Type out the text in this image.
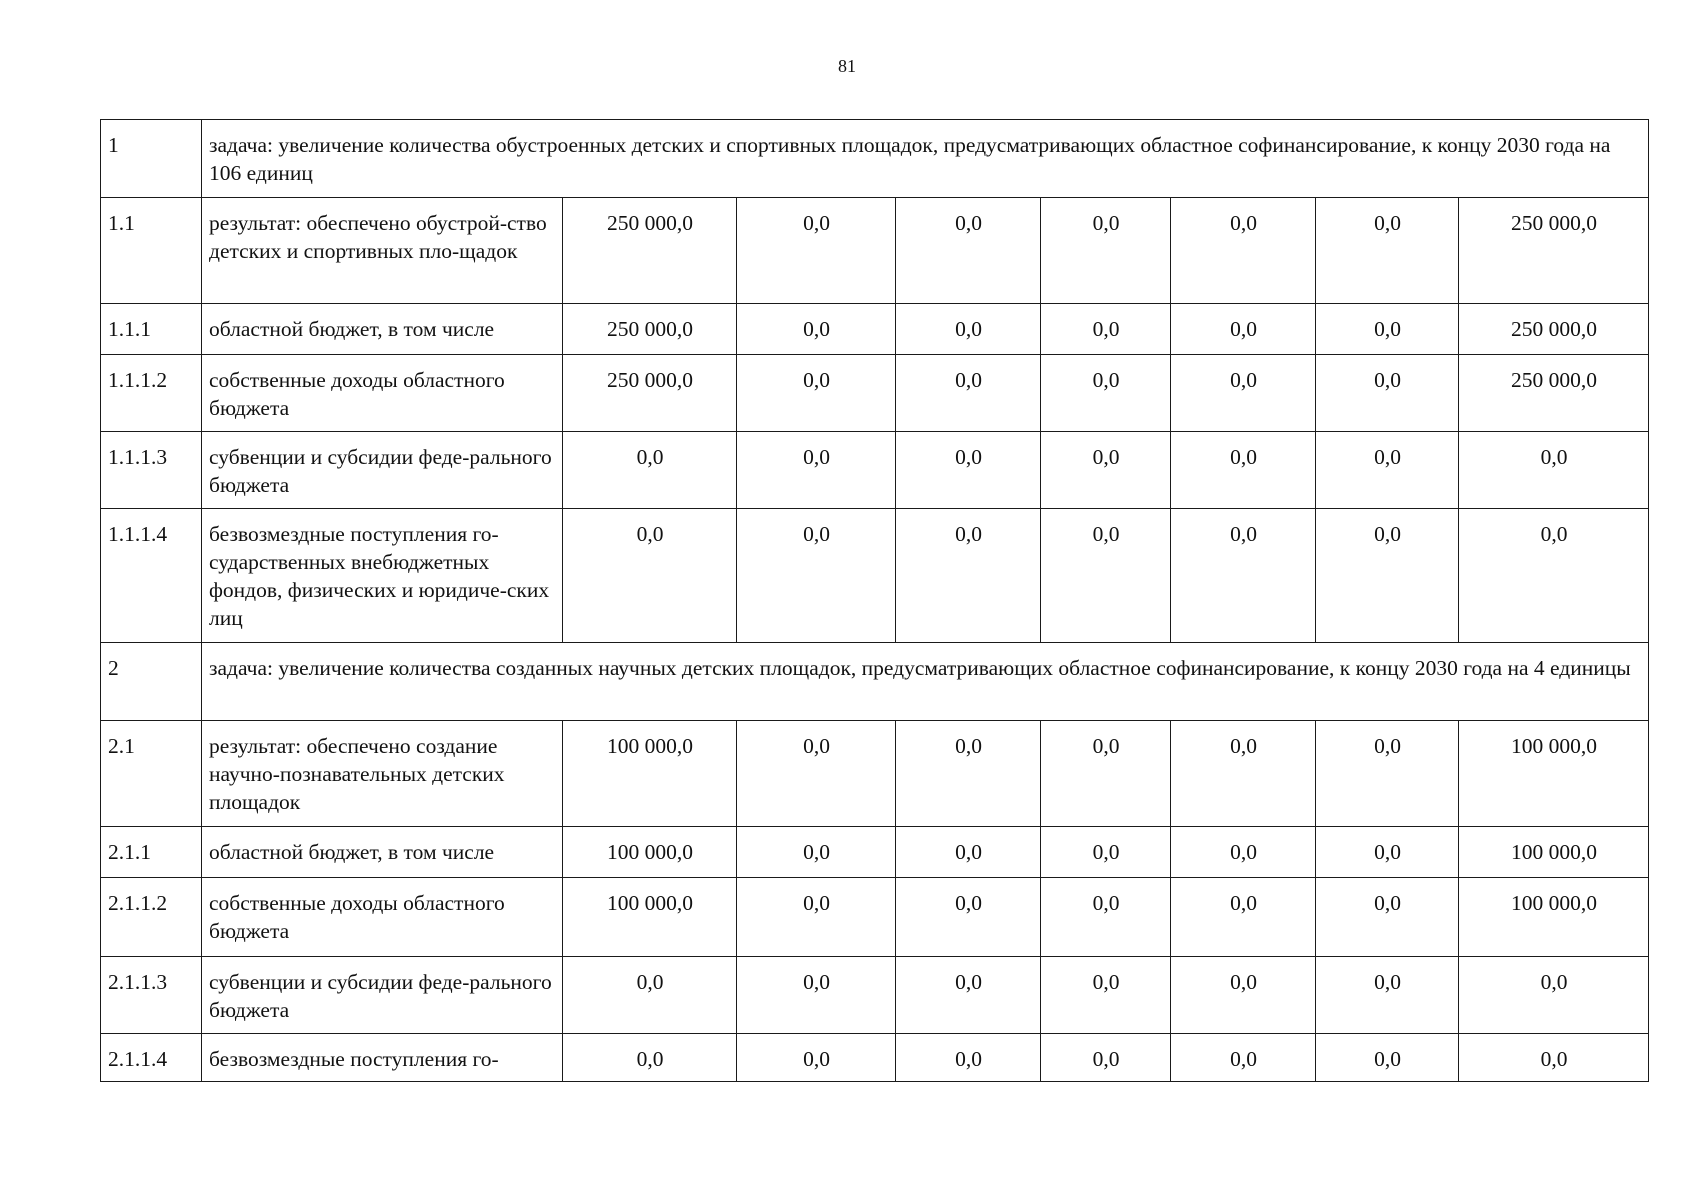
81
1	задача: увеличение количества обустроенных детских и спортивных площадок, предусматривающих областное софинансирование, к концу 2030 года на 106 единиц							
1.1	результат: обеспечено обустрой-ство детских и спортивных пло-щадок	250 000,0	0,0	0,0	0,0	0,0	0,0	250 000,0
1.1.1	областной бюджет, в том числе	250 000,0	0,0	0,0	0,0	0,0	0,0	250 000,0
1.1.1.2	собственные доходы областного бюджета	250 000,0	0,0	0,0	0,0	0,0	0,0	250 000,0
1.1.1.3	субвенции и субсидии феде-рального бюджета	0,0	0,0	0,0	0,0	0,0	0,0	0,0
1.1.1.4	безвозмездные поступления го-сударственных внебюджетных фондов, физических и юридиче-ских лиц	0,0	0,0	0,0	0,0	0,0	0,0	0,0
2	задача: увеличение количества созданных научных детских площадок, предусматривающих областное софинансирование, к концу 2030 года на 4 единицы							
2.1	результат: обеспечено создание научно-познавательных детских площадок	100 000,0	0,0	0,0	0,0	0,0	0,0	100 000,0
2.1.1	областной бюджет, в том числе	100 000,0	0,0	0,0	0,0	0,0	0,0	100 000,0
2.1.1.2	собственные доходы областного бюджета	100 000,0	0,0	0,0	0,0	0,0	0,0	100 000,0
2.1.1.3	субвенции и субсидии феде-рального бюджета	0,0	0,0	0,0	0,0	0,0	0,0	0,0
2.1.1.4	безвозмездные поступления го-	0,0	0,0	0,0	0,0	0,0	0,0	0,0
